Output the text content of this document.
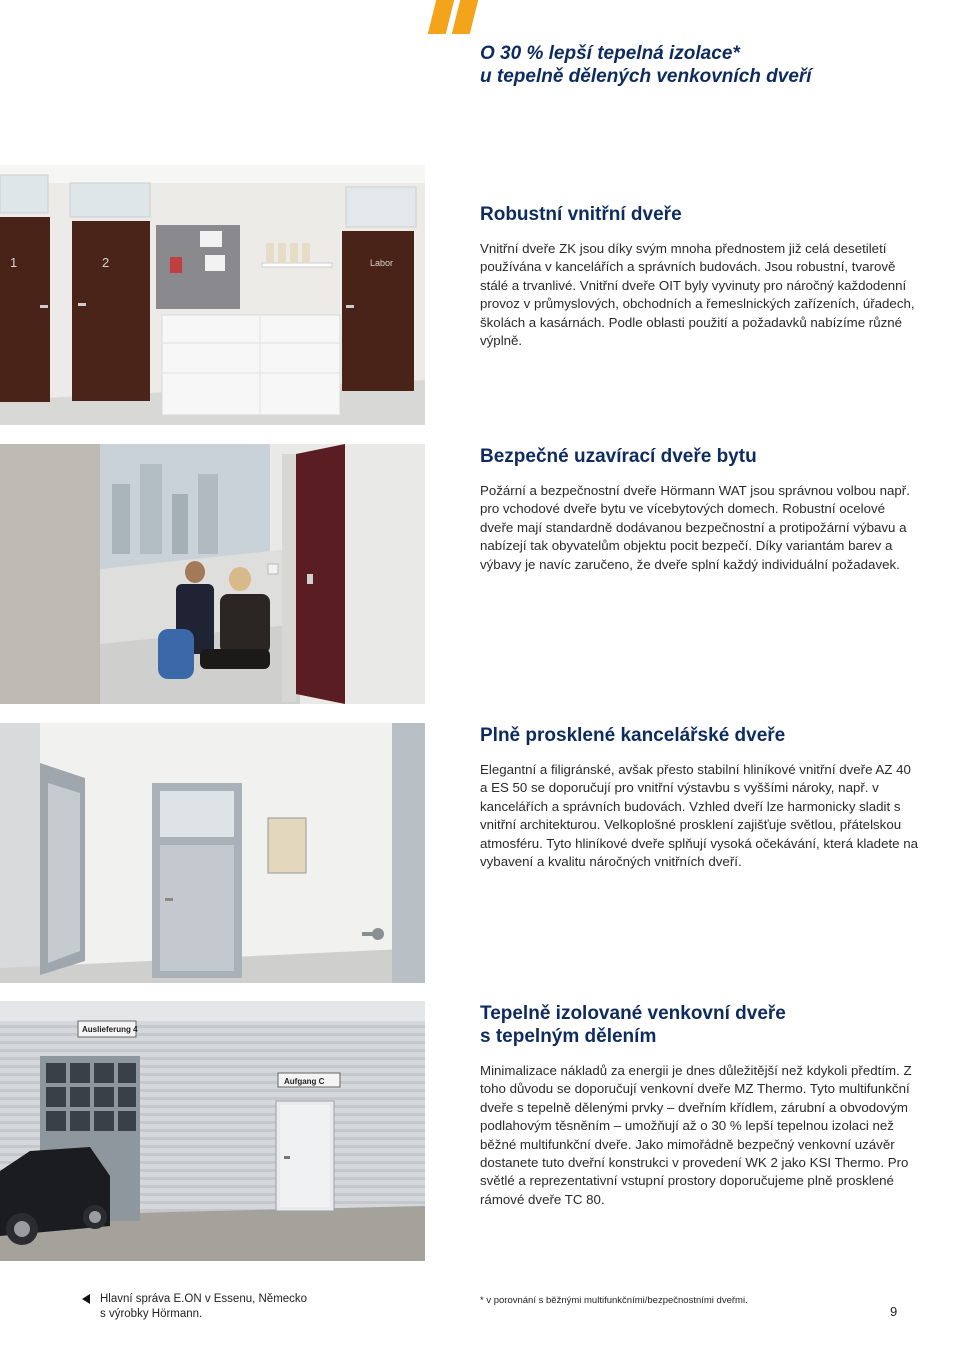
O 30 % lepší tepelná izolace*
u tepelně dělených venkovních dveří
1	2	Labor
Robustní vnitřní dveře

Vnitřní dveře ZK jsou díky svým mnoha přednostem již celá desetiletí používána v kancelářích a správních budovách. Jsou robustní, tvarově stálé a trvanlivé. Vnitřní dveře OIT byly vyvinuty pro náročný každodenní provoz v průmyslových, obchodních a řemeslnických zařízeních, úřadech, školách a kasárnách. Podle oblasti použití a požadavků nabízíme různé výplně.

Bezpečné uzavírací dveře bytu

Požární a bezpečnostní dveře Hörmann WAT jsou správnou volbou např. pro vchodové dveře bytu ve vícebytových domech. Robustní ocelové dveře mají standardně dodávanou bezpečnostní a protipožární výbavu a nabízejí tak obyvatelům objektu pocit bezpečí. Díky variantám barev a výbavy je navíc zaručeno, že dveře splní každý individuální požadavek.

Plně prosklené kancelářské dveře

Elegantní a filigránské, avšak přesto stabilní hliníkové vnitřní dveře AZ 40 a ES 50 se doporučují pro vnitřní výstavbu s vyššími nároky, např. v kancelářích a správních budovách. Vzhled dveří lze harmonicky sladit s vnitřní architekturou. Velkoplošné prosklení zajišťuje světlou, přátelskou atmosféru. Tyto hliníkové dveře splňují vysoká očekávání, která kladete na vybavení a kvalitu náročných vnitřních dveří.

Auslieferung 4
Aufgang C
Tepelně izolované venkovní dveře
s tepelným dělením

Minimalizace nákladů za energii je dnes důležitější než kdykoli předtím. Z toho důvodu se doporučují venkovní dveře MZ Thermo. Tyto multifunkční dveře s tepelně dělenými prvky – dveřním křídlem, zárubní a obvodovým podlahovým těsněním – umožňují až o 30 % lepší tepelnou izolaci než běžné multifunkční dveře. Jako mimořádně bezpečný venkovní uzávěr dostanete tuto dveřní konstrukci v provedení WK 2 jako KSI Thermo. Pro světlé a reprezentativní vstupní prostory doporučujeme plně prosklené rámové dveře TC 80.

Hlavní správa E.ON v Essenu, Německo
s výrobky Hörmann.
* v porovnání s běžnými multifunkčními/bezpečnostními dveřmi.
9
